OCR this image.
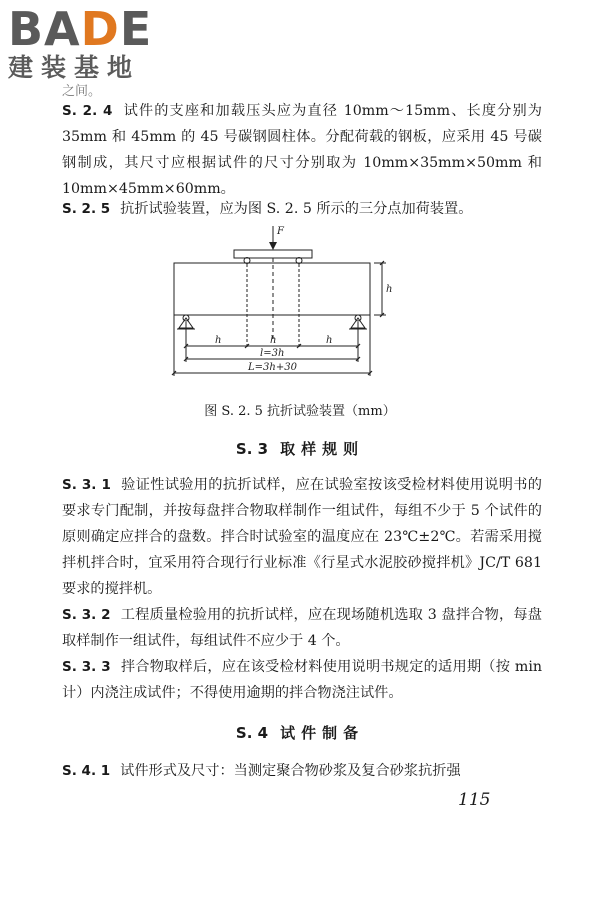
BADE
建装基地
之间。
S. 2. 4 试件的支座和加载压头应为直径 10mm～15mm、长度分别为 35mm 和 45mm 的 45 号碳钢圆柱体。分配荷载的钢板，应采用 45 号碳钢制成，其尺寸应根据试件的尺寸分别取为 10mm×35mm×50mm 和 10mm×45mm×60mm。
S. 2. 5 抗折试验装置，应为图 S. 2. 5 所示的三分点加荷装置。
F
h
h	h	h
l=3h
L=3h+30
图 S. 2. 5 抗折试验装置（mm）
S. 3 取样规则
S. 3. 1 验证性试验用的抗折试样，应在试验室按该受检材料使用说明书的要求专门配制，并按每盘拌合物取样制作一组试件，每组不少于 5 个试件的原则确定应拌合的盘数。拌合时试验室的温度应在 23℃±2℃。若需采用搅拌机拌合时，宜采用符合现行行业标准《行星式水泥胶砂搅拌机》JC/T 681 要求的搅拌机。
S. 3. 2 工程质量检验用的抗折试样，应在现场随机选取 3 盘拌合物，每盘取样制作一组试件，每组试件不应少于 4 个。
S. 3. 3 拌合物取样后，应在该受检材料使用说明书规定的适用期（按 min 计）内浇注成试件；不得使用逾期的拌合物浇注试件。
S. 4 试件制备
S. 4. 1 试件形式及尺寸：当测定聚合物砂浆及复合砂浆抗折强
115
